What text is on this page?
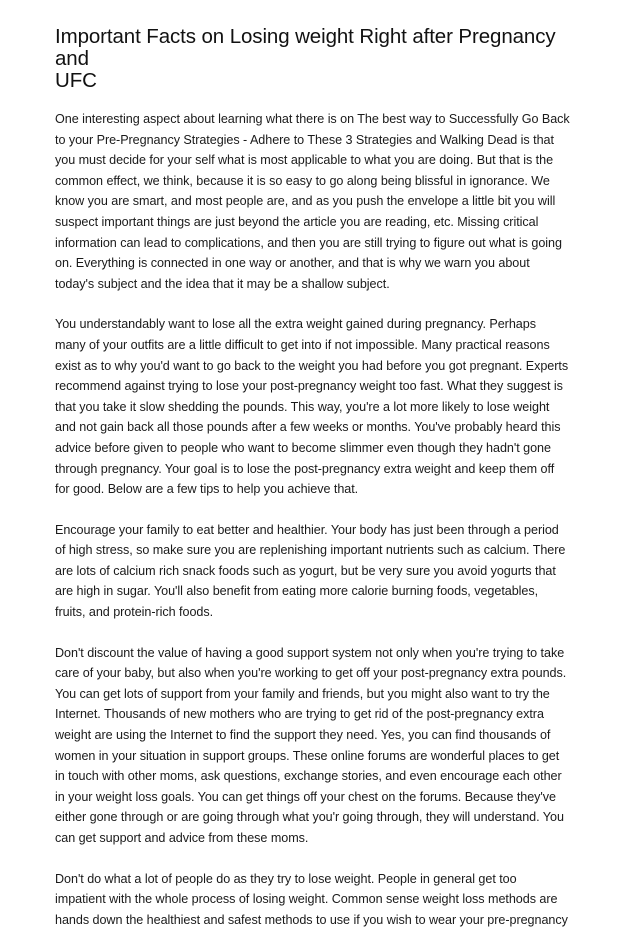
Important Facts on Losing weight Right after Pregnancy and
UFC

One interesting aspect about learning what there is on The best way to Successfully Go Back
to your Pre-Pregnancy Strategies - Adhere to These 3 Strategies and Walking Dead is that
you must decide for your self what is most applicable to what you are doing. But that is the
common effect, we think, because it is so easy to go along being blissful in ignorance. We
know you are smart, and most people are, and as you push the envelope a little bit you will
suspect important things are just beyond the article you are reading, etc. Missing critical
information can lead to complications, and then you are still trying to figure out what is going
on. Everything is connected in one way or another, and that is why we warn you about
today's subject and the idea that it may be a shallow subject.

You understandably want to lose all the extra weight gained during pregnancy. Perhaps
many of your outfits are a little difficult to get into if not impossible. Many practical reasons
exist as to why you'd want to go back to the weight you had before you got pregnant. Experts
recommend against trying to lose your post-pregnancy weight too fast. What they suggest is
that you take it slow shedding the pounds. This way, you're a lot more likely to lose weight
and not gain back all those pounds after a few weeks or months. You've probably heard this
advice before given to people who want to become slimmer even though they hadn't gone
through pregnancy. Your goal is to lose the post-pregnancy extra weight and keep them off
for good. Below are a few tips to help you achieve that.

Encourage your family to eat better and healthier. Your body has just been through a period
of high stress, so make sure you are replenishing important nutrients such as calcium. There
are lots of calcium rich snack foods such as yogurt, but be very sure you avoid yogurts that
are high in sugar. You'll also benefit from eating more calorie burning foods, vegetables,
fruits, and protein-rich foods.

Don't discount the value of having a good support system not only when you're trying to take
care of your baby, but also when you're working to get off your post-pregnancy extra pounds.
You can get lots of support from your family and friends, but you might also want to try the
Internet. Thousands of new mothers who are trying to get rid of the post-pregnancy extra
weight are using the Internet to find the support they need. Yes, you can find thousands of
women in your situation in support groups. These online forums are wonderful places to get
in touch with other moms, ask questions, exchange stories, and even encourage each other
in your weight loss goals. You can get things off your chest on the forums. Because they've
either gone through or are going through what you'r going through, they will understand. You
can get support and advice from these moms.

Don't do what a lot of people do as they try to lose weight. People in general get too
impatient with the whole process of losing weight. Common sense weight loss methods are
hands down the healthiest and safest methods to use if you wish to wear your pre-pregnancy
